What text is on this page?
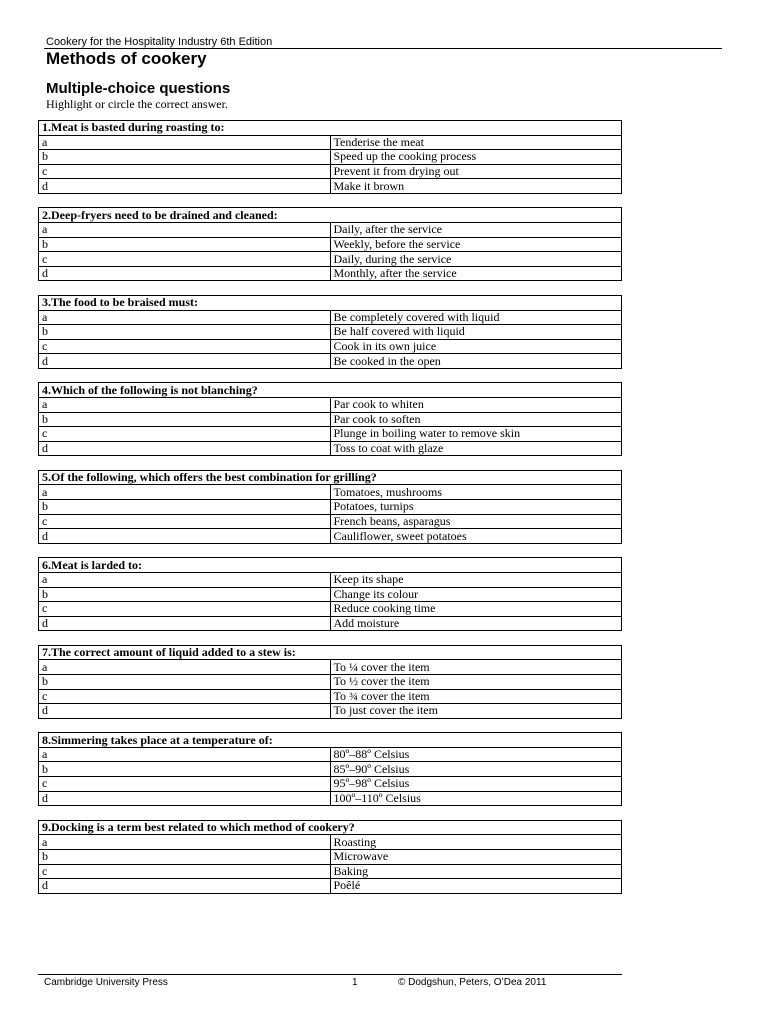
Cookery for the Hospitality Industry 6th Edition
Methods of cookery
Multiple-choice questions
Highlight or circle the correct answer.
1.Meat is basted during roasting to:	
a	Tenderise the meat
b	Speed up the cooking process
c	Prevent it from drying out
d	Make it brown
2.Deep-fryers need to be drained and cleaned:	
a	Daily, after the service
b	Weekly, before the service
c	Daily, during the service
d	Monthly, after the service
3.The food to be braised must:	
a	Be completely covered with liquid
b	Be half covered with liquid
c	Cook in its own juice
d	Be cooked in the open
4.Which of the following is not blanching?	
a	Par cook to whiten
b	Par cook to soften
c	Plunge in boiling water to remove skin
d	Toss to coat with glaze
5.Of the following, which offers the best combination for grilling?	
a	Tomatoes, mushrooms
b	Potatoes, turnips
c	French beans, asparagus
d	Cauliflower, sweet potatoes
6.Meat is larded to:	
a	Keep its shape
b	Change its colour
c	Reduce cooking time
d	Add moisture
7.The correct amount of liquid added to a stew is:	
a	To ¼ cover the item
b	To ½ cover the item
c	To ¾ cover the item
d	To just cover the item
8.Simmering takes place at a temperature of:	
a	80º–88º Celsius
b	85º–90º Celsius
c	95º–98º Celsius
d	100º–110º Celsius
9.Docking is a term best related to which method of cookery?	
a	Roasting
b	Microwave
c	Baking
d	Poêlé
Cambridge University Press	1	© Dodgshun, Peters, O’Dea 2011
